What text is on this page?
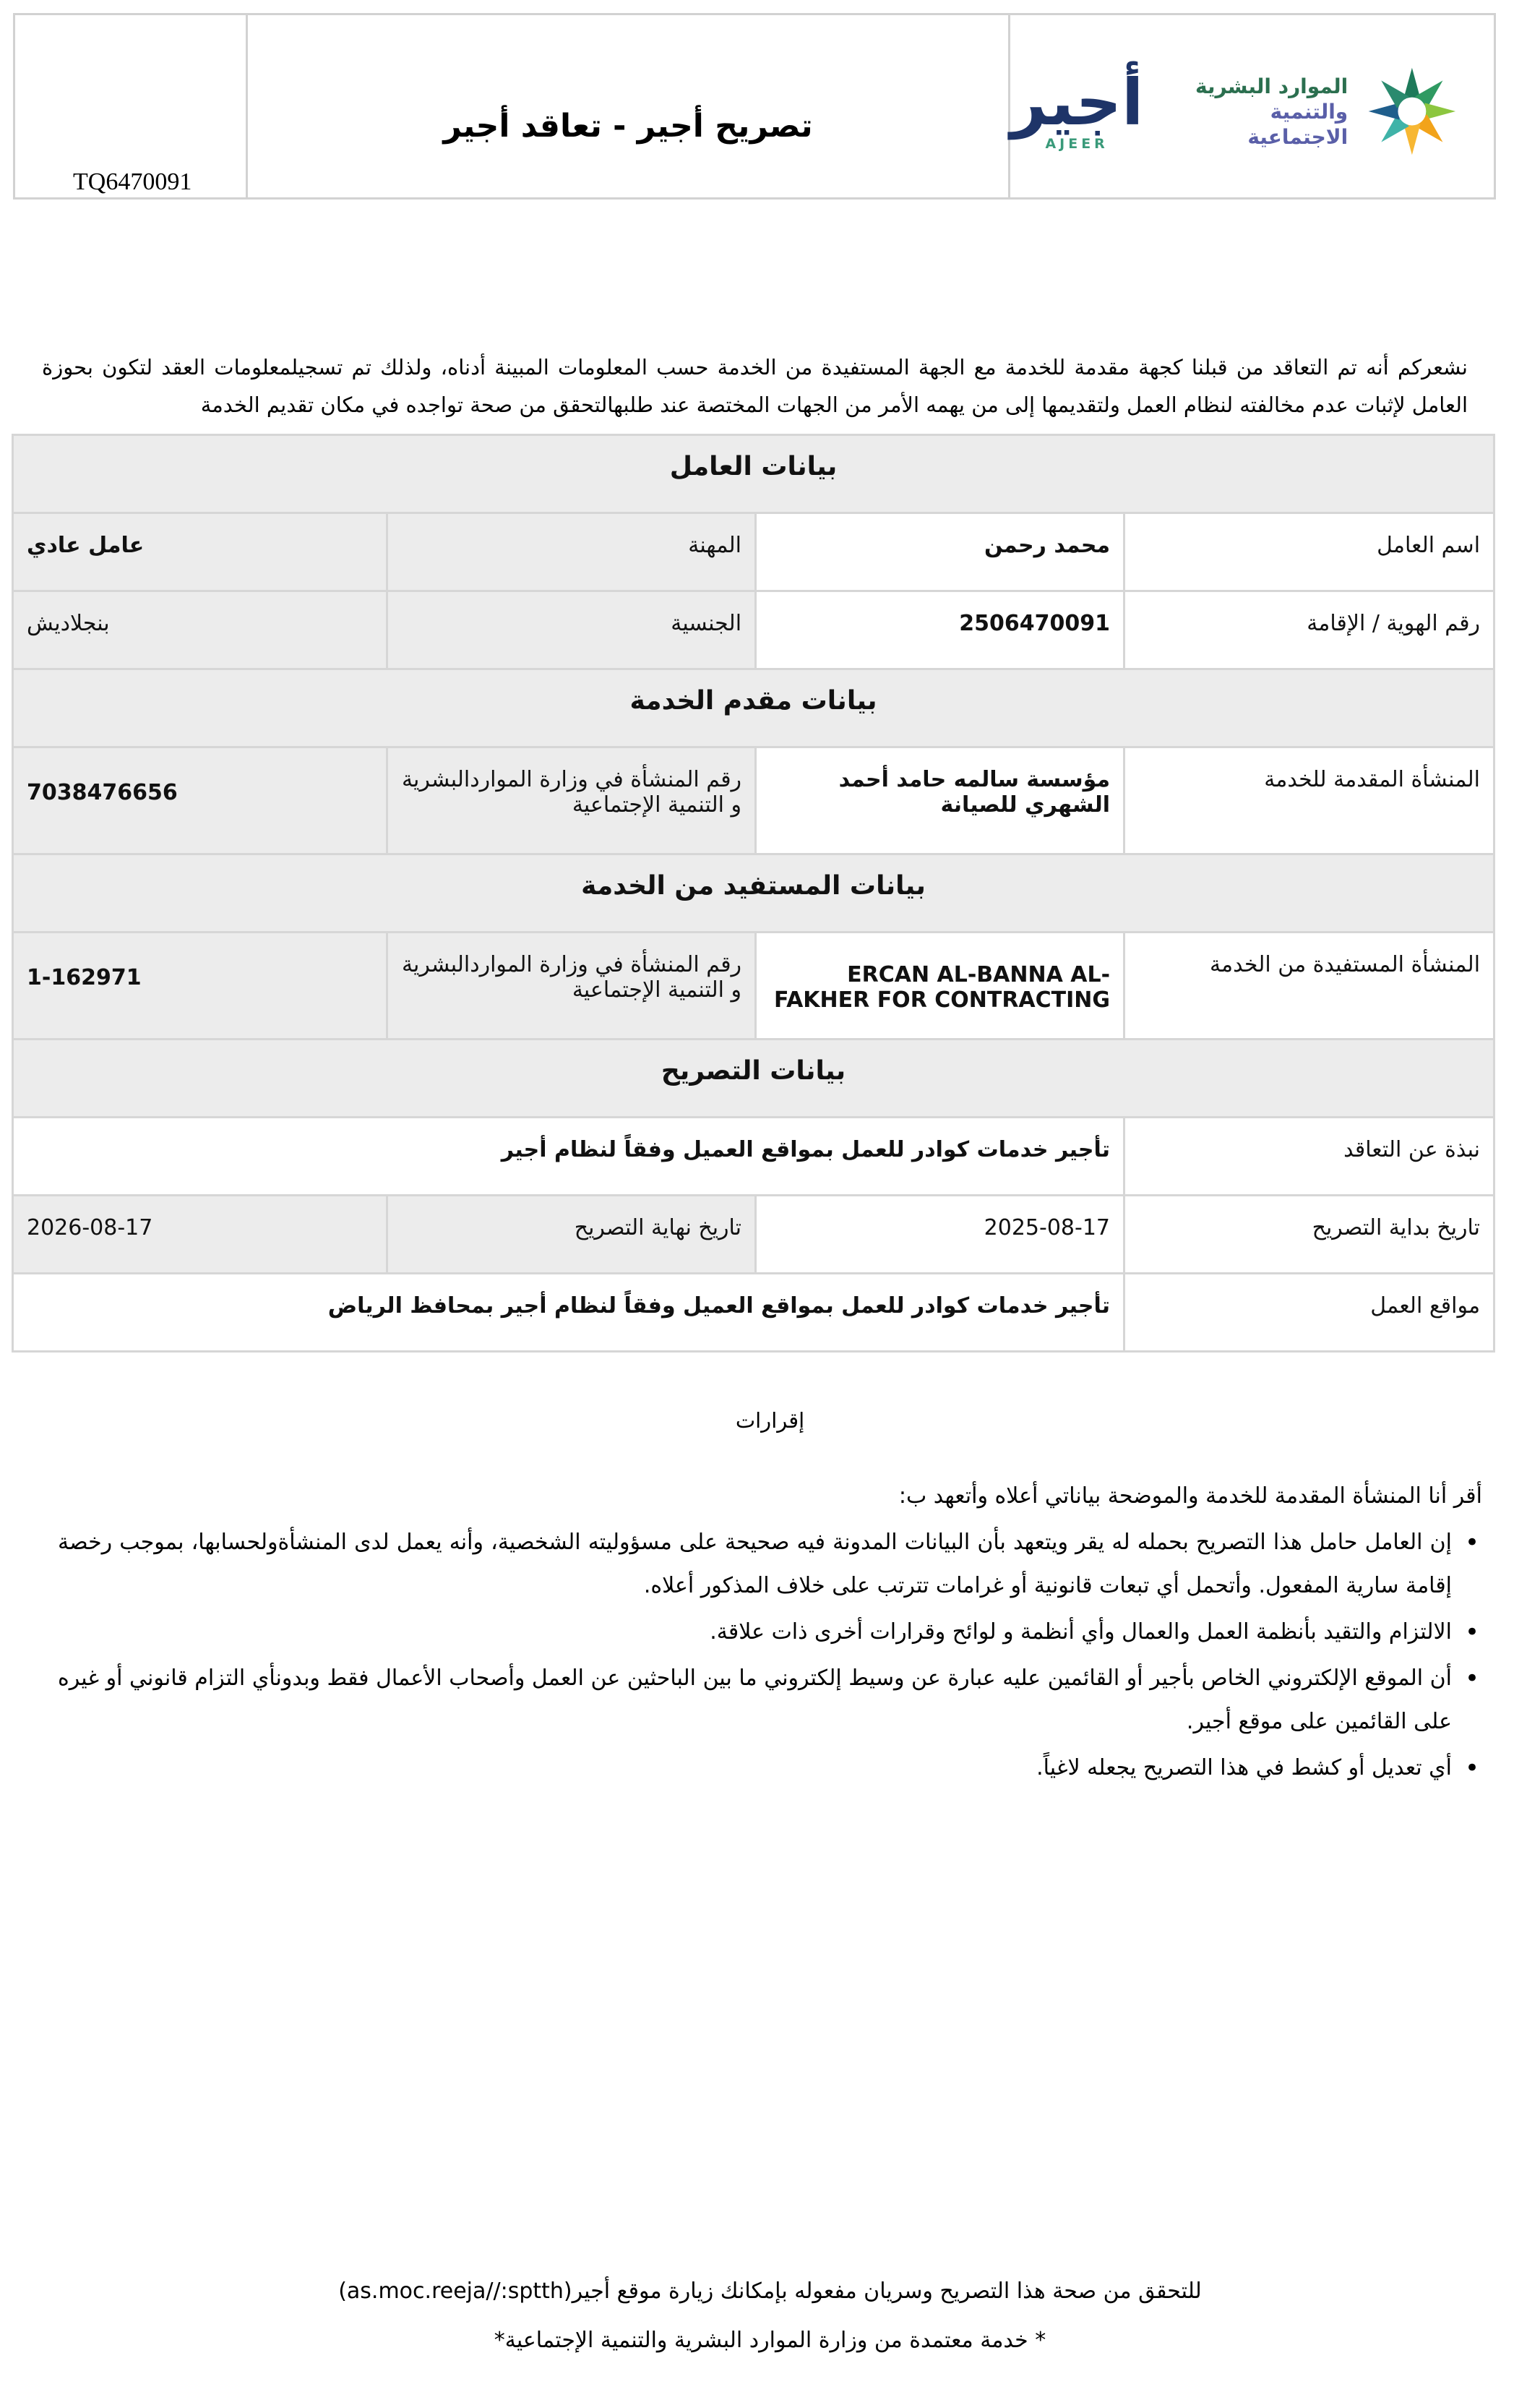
TQ6470091
تصريح أجير - تعاقد أجير	أجير
AJEER
الموارد البشرية
والتنمية الاجتماعية
نشعركم أنه تم التعاقد من قبلنا كجهة مقدمة للخدمة مع الجهة المستفيدة من الخدمة حسب المعلومات المبينة أدناه، ولذلك تم تسجيلمعلومات العقد لتكون بحوزة العامل لإثبات عدم مخالفته لنظام العمل ولتقديمها إلى من يهمه الأمر من الجهات المختصة عند طلبهالتحقق من صحة تواجده في مكان تقديم الخدمة
بيانات العامل			
اسم العامل	محمد رحمن	المهنة	عامل عادي
رقم الهوية / الإقامة	2506470091	الجنسية	بنجلاديش
بيانات مقدم الخدمة			
المنشأة المقدمة للخدمة	مؤسسة سالمه حامد أحمد الشهري للصيانة	رقم المنشأة في وزارة المواردالبشرية و التنمية الإجتماعية	7038476656
بيانات المستفيد من الخدمة			
المنشأة المستفيدة من الخدمة	ERCAN AL-BANNA AL-FAKHER FOR CONTRACTING	رقم المنشأة في وزارة المواردالبشرية و التنمية الإجتماعية	1-162971
بيانات التصريح			
نبذة عن التعاقد	تأجير خدمات كوادر للعمل بمواقع العميل وفقاً لنظام أجير		
تاريخ بداية التصريح	2025-08-17	تاريخ نهاية التصريح	2026-08-17
مواقع العمل	تأجير خدمات كوادر للعمل بمواقع العميل وفقاً لنظام أجير بمحافظ الرياض		
إقرارات
أقر أنا المنشأة المقدمة للخدمة والموضحة بياناتي أعلاه وأتعهد ب:
• إن العامل حامل هذا التصريح بحمله له يقر ويتعهد بأن البيانات المدونة فيه صحيحة على مسؤوليته الشخصية، وأنه يعمل لدى المنشأةولحسابها، بموجب رخصة إقامة سارية المفعول. وأتحمل أي تبعات قانونية أو غرامات تترتب على خلاف المذكور أعلاه.
• الالتزام والتقيد بأنظمة العمل والعمال وأي أنظمة و لوائح وقرارات أخرى ذات علاقة.
• أن الموقع الإلكتروني الخاص بأجير أو القائمين عليه عبارة عن وسيط إلكتروني ما بين الباحثين عن العمل وأصحاب الأعمال فقط وبدونأي التزام قانوني أو غيره على القائمين على موقع أجير.
• أي تعديل أو كشط في هذا التصريح يجعله لاغياً.
للتحقق من صحة هذا التصريح وسريان مفعوله بإمكانك زيارة موقع أجير(as.moc.reeja//:sptth)
* خدمة معتمدة من وزارة الموارد البشرية والتنمية الإجتماعية*
